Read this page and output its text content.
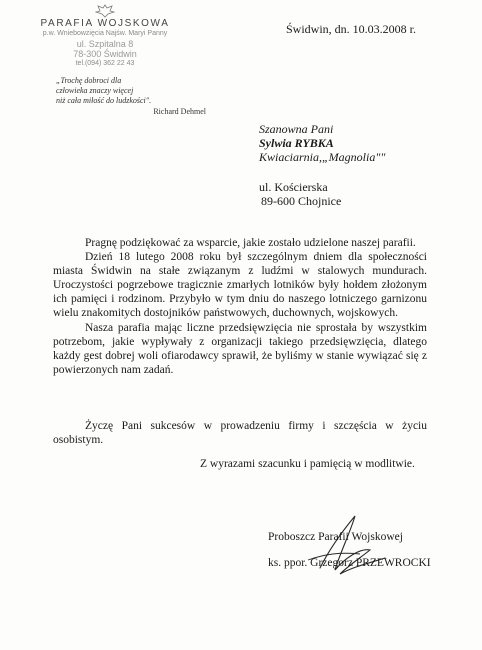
PARAFIA WOJSKOWA
p.w. Wniebowzięcia Najśw. Maryi Panny
ul. Szpitalna 8
78-300 Świdwin
tel.(094) 362 22 43
Świdwin, dn. 10.03.2008 r.
„Trochę dobroci dla
człowieka znaczy więcej
niż cała miłość do ludzkości".
Richard Dehmel
Szanowna Pani
Sylwia RYBKA
Kwiaciarnia,„Magnolia""
ul. Kościerska
89-600 Chojnice

Pragnę podziękować za wsparcie, jakie zostało udzielone naszej parafii.

Dzień 18 lutego 2008 roku był szczególnym dniem dla społeczności miasta Świdwin na stałe związanym z ludźmi w stalowych mundurach. Uroczystości pogrzebowe tragicznie zmarłych lotników były hołdem złożonym ich pamięci i rodzinom. Przybyło w tym dniu do naszego lotniczego garnizonu wielu znakomitych dostojników państwowych, duchownych, wojskowych.

Nasza parafia mając liczne przedsięwzięcia nie sprostała by wszystkim potrzebom, jakie wypływały z organizacji takiego przedsięwzięcia, dlatego każdy gest dobrej woli ofiarodawcy sprawił, że byliśmy w stanie wywiązać się z powierzonych nam zadań.

Życzę Pani sukcesów w prowadzeniu firmy i szczęścia w życiu osobistym.

Z wyrazami szacunku i pamięcią w modlitwie.
Proboszcz Parafii Wojskowej
ks. ppor. Grzegorz PRZEWROCKI
